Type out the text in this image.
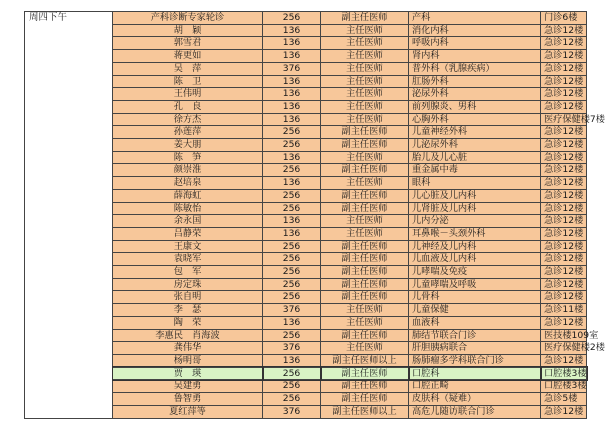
周四下午	产科诊断专家轮诊	256	副主任医师	产科	门诊6楼
	胡　颖	136	主任医师	消化内科	急诊12楼
	郭雪君	136	主任医师	呼吸内科	急诊12楼
	蒋更如	136	主任医师	肾内科	急诊12楼
	吴　萍	376	主任医师	普外科（乳腺疾病）	急诊12楼
	陈　卫	136	主任医师	肛肠外科	急诊12楼
	王伟明	136	主任医师	泌尿外科	急诊12楼
	孔　良	136	主任医师	前列腺炎、男科	急诊12楼
	徐方杰	136	主任医师	心胸外科	医疗保健楼7楼
	孙莲萍	256	副主任医师	儿童神经外科	急诊12楼
	姜大朋	256	副主任医师	儿泌尿外科	急诊12楼
	陈　笋	136	主任医师	胎儿及儿心脏	急诊12楼
	颜崇淮	256	副主任医师	重金属中毒	急诊12楼
	赵培泉	136	主任医师	眼科	急诊12楼
	薛海虹	256	副主任医师	儿心脏及儿内科	急诊12楼
	陈敏怡	256	副主任医师	儿肾脏及儿内科	急诊12楼
	余永国	136	主任医师	儿内分泌	急诊12楼
	吕静荣	136	主任医师	耳鼻喉－头颈外科	急诊12楼
	王康文	256	副主任医师	儿神经及儿内科	急诊12楼
	袁晓军	256	副主任医师	儿血液及儿内科	急诊12楼
	包　军	256	副主任医师	儿哮喘及免疫	急诊12楼
	房定珠	256	副主任医师	儿童哮喘及呼吸	急诊12楼
	张自明	256	副主任医师	儿骨科	急诊12楼
	李　瑟	376	主任医师	儿童保健	急诊11楼
	陶　荣	136	主任医师	血液科	急诊12楼
	李惠民　肖海波	256	副主任医师	肺结节联合门诊	医技楼109室
	龚伟华	376	主任医师	肝胆胰病联合	医疗保健楼2楼
	杨明哥	136	副主任医师以上	肠肺瘤多学科联合门诊	急诊12楼
	贾　瑛	256	副主任医师	口腔科	口腔楼3楼
	吴建勇	256	副主任医师	口腔正畸	口腔楼3楼
	鲁智勇	256	副主任医师	皮肤科（疑难）	急诊5楼
	夏红萍等	376	副主任医师以上	高危儿随访联合门诊	急诊12楼
